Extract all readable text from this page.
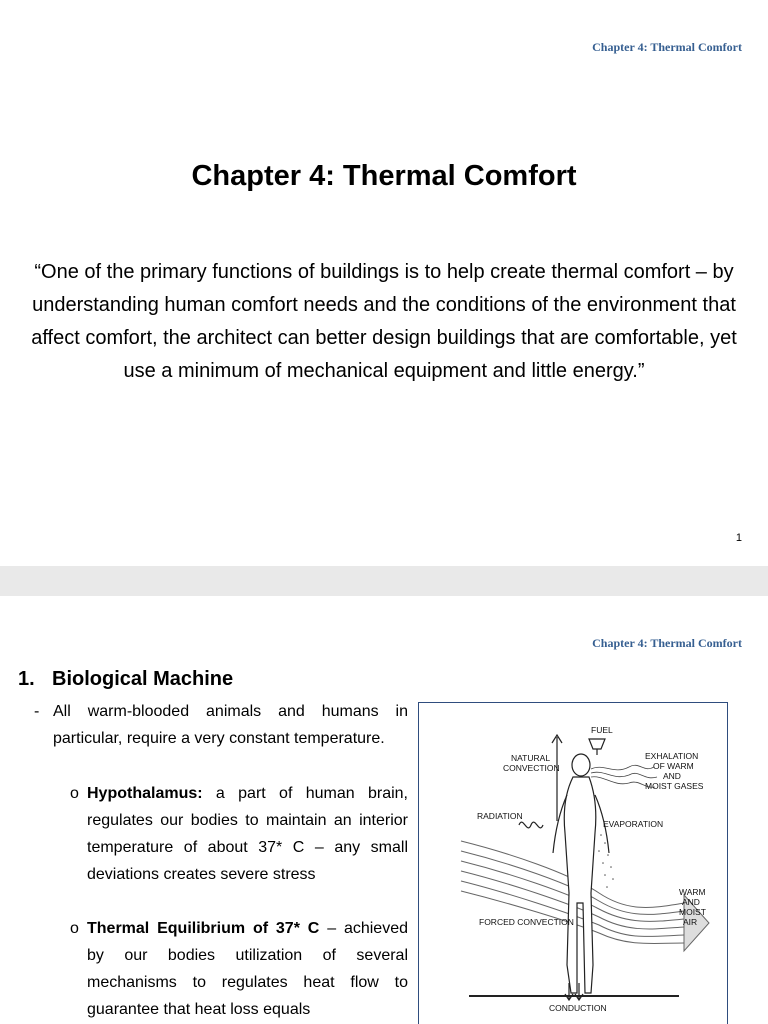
Chapter 4: Thermal Comfort
Chapter 4: Thermal Comfort
“One of the primary functions of buildings is to help create thermal comfort – by understanding human comfort needs and the conditions of the environment that affect comfort, the architect can better design buildings that are comfortable, yet use a minimum of mechanical equipment and little energy.”
1
Chapter 4: Thermal Comfort
1. Biological Machine
- All warm-blooded animals and humans in particular, require a very constant temperature.
o Hypothalamus: a part of human brain, regulates our bodies to maintain an interior temperature of about 37* C – any small deviations creates severe stress
o Thermal Equilibrium of 37* C – achieved by our bodies utilization of several mechanisms to regulates heat flow to guarantee that heat loss equals
FUEL
NATURAL
CONVECTION
EXHALATION
OF WARM
AND
MOIST GASES
RADIATION
EVAPORATION
WARM
AND
MOIST
AIR
FORCED CONVECTION
CONDUCTION
